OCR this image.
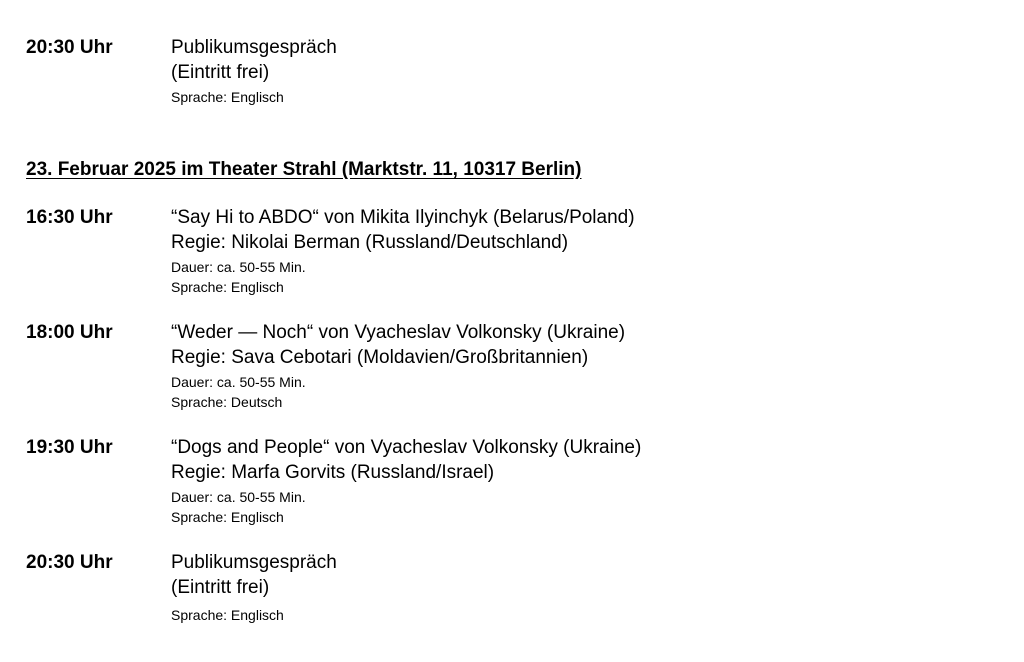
20:30 Uhr	Publikumsgespräch
(Eintritt frei)
Sprache: Englisch
23. Februar 2025 im Theater Strahl (Marktstr. 11, 10317 Berlin)
16:30 Uhr	“Say Hi to ABDO“ von Mikita Ilyinchyk (Belarus/Poland)
Regie: Nikolai Berman (Russland/Deutschland)
Dauer: ca. 50-55 Min.
Sprache: Englisch
18:00 Uhr	“Weder — Noch“ von Vyacheslav Volkonsky (Ukraine)
Regie: Sava Cebotari (Moldavien/Großbritannien)
Dauer: ca. 50-55 Min.
Sprache: Deutsch
19:30 Uhr	“Dogs and People“ von Vyacheslav Volkonsky (Ukraine)
Regie: Marfa Gorvits (Russland/Israel)
Dauer: ca. 50-55 Min.
Sprache: Englisch
20:30 Uhr	Publikumsgespräch
(Eintritt frei)
Sprache: Englisch
